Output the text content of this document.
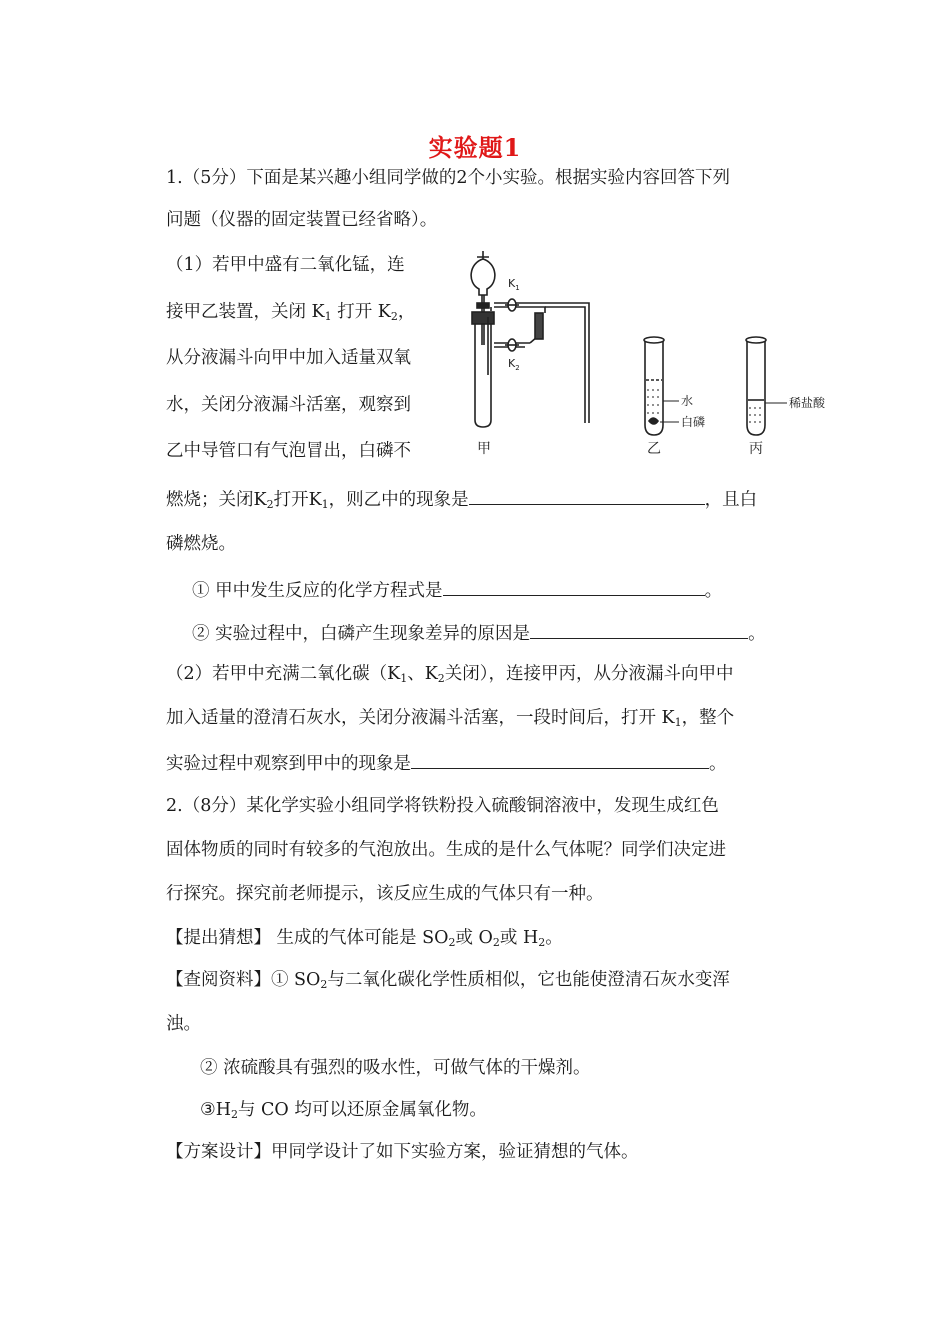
实验题1
1.（5分）下面是某兴趣小组同学做的2个小实验。根据实验内容回答下列
问题（仪器的固定装置已经省略）。
（1）若甲中盛有二氧化锰，连
接甲乙装置，关闭 $K_1$ 打开 $K_2$，
从分液漏斗向甲中加入适量双氧
水，关闭分液漏斗活塞，观察到
乙中导管口有气泡冒出，白磷不
燃烧；关闭$K_2$打开$K_1$，则乙中的现象是	，且白
磷燃烧。
① 甲中发生反应的化学方程式是	。
② 实验过程中，白磷产生现象差异的原因是	。
（2）若甲中充满二氧化碳（$K_1$、$K_2$关闭），连接甲丙，从分液漏斗向甲中
加入适量的澄清石灰水，关闭分液漏斗活塞，一段时间后，打开 $K_1$，整个
实验过程中观察到甲中的现象是	。
$K_1$
$K_2$
甲	乙	丙
水
白磷
稀盐酸
2.（8分）某化学实验小组同学将铁粉投入硫酸铜溶液中，发现生成红色
固体物质的同时有较多的气泡放出。生成的是什么气体呢？同学们决定进
行探究。探究前老师提示，该反应生成的气体只有一种。
【提出猜想】 生成的气体可能是 $SO_2$或 $O_2$或 $H_2$。
【查阅资料】① $SO_2$与二氧化碳化学性质相似，它也能使澄清石灰水变浑
浊。
② 浓硫酸具有强烈的吸水性，可做气体的干燥剂。
$③H_2$与 CO 均可以还原金属氧化物。
【方案设计】甲同学设计了如下实验方案，验证猜想的气体。
